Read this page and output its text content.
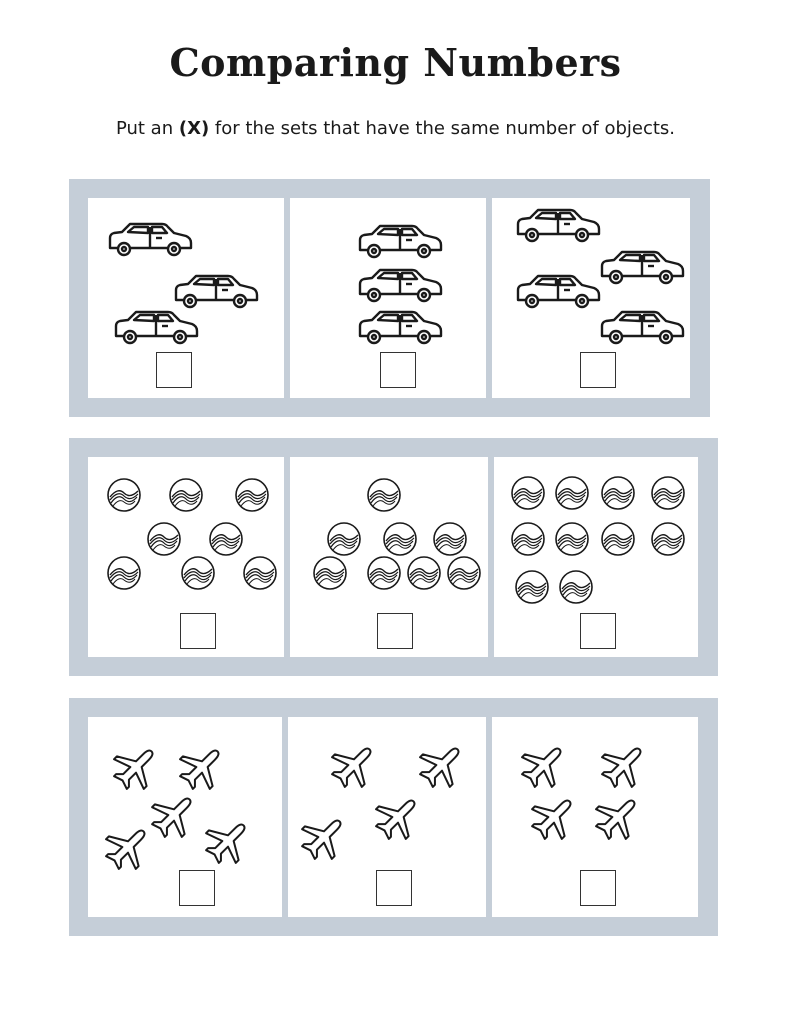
Comparing Numbers
Put an (X) for the sets that have the same number of objects.
